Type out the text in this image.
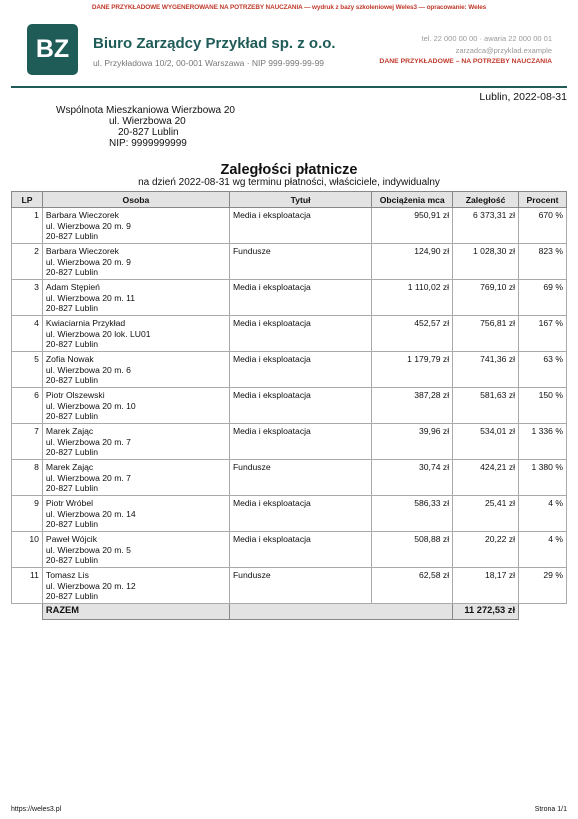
DANE PRZYKŁADOWE WYGENEROWANE NA POTRZEBY NAUCZANIA — wydruk z bazy szkoleniowej Weles3 — opracowanie: Weles
BZ	Biuro Zarządcy Przykład sp. z o.o.
ul. Przykładowa 10/2, 00-001 Warszawa · NIP 999-999-99-99
tel. 22 000 00 00 · awaria 22 000 00 01
zarzadca@przyklad.example
DANE PRZYKŁADOWE – NA POTRZEBY NAUCZANIA
Lublin, 2022-08-31
Wspólnota Mieszkaniowa Wierzbowa 20
ul. Wierzbowa 20
20-827 Lublin
NIP: 9999999999
Zaległości płatnicze
na dzień 2022-08-31 wg terminu płatności, właściciele, indywidualny
LP	Osoba	Tytuł	Obciążenia mca	Zaległość	Procent
1	Barbara Wieczorek
ul. Wierzbowa 20 m. 9
20-827 Lublin	Media i eksploatacja	950,91 zł	6 373,31 zł	670 %
2	Barbara Wieczorek
ul. Wierzbowa 20 m. 9
20-827 Lublin	Fundusze	124,90 zł	1 028,30 zł	823 %
3	Adam Stępień
ul. Wierzbowa 20 m. 11
20-827 Lublin	Media i eksploatacja	1 110,02 zł	769,10 zł	69 %
4	Kwiaciarnia Przykład
ul. Wierzbowa 20 lok. LU01
20-827 Lublin	Media i eksploatacja	452,57 zł	756,81 zł	167 %
5	Zofia Nowak
ul. Wierzbowa 20 m. 6
20-827 Lublin	Media i eksploatacja	1 179,79 zł	741,36 zł	63 %
6	Piotr Olszewski
ul. Wierzbowa 20 m. 10
20-827 Lublin	Media i eksploatacja	387,28 zł	581,63 zł	150 %
7	Marek Zając
ul. Wierzbowa 20 m. 7
20-827 Lublin	Media i eksploatacja	39,96 zł	534,01 zł	1 336 %
8	Marek Zając
ul. Wierzbowa 20 m. 7
20-827 Lublin	Fundusze	30,74 zł	424,21 zł	1 380 %
9	Piotr Wróbel
ul. Wierzbowa 20 m. 14
20-827 Lublin	Media i eksploatacja	586,33 zł	25,41 zł	4 %
10	Paweł Wójcik
ul. Wierzbowa 20 m. 5
20-827 Lublin	Media i eksploatacja	508,88 zł	20,22 zł	4 %
11	Tomasz Lis
ul. Wierzbowa 20 m. 12
20-827 Lublin	Fundusze	62,58 zł	18,17 zł	29 %
	RAZEM			11 272,53 zł	
https://weles3.pl	Strona 1/1
